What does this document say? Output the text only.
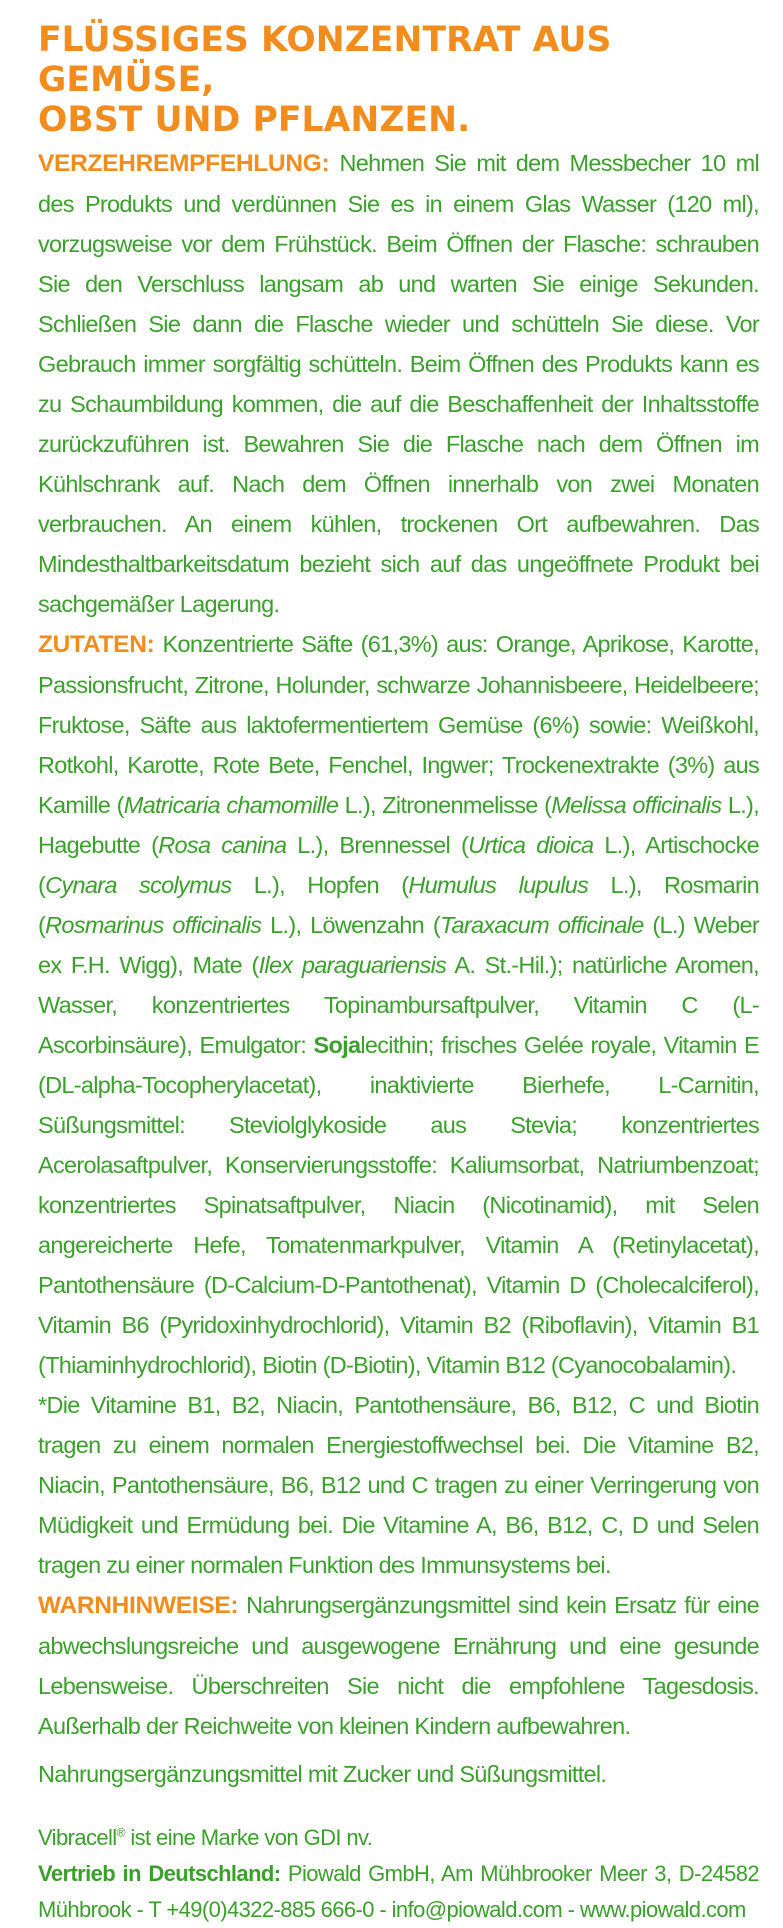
FLÜSSIGES KONZENTRAT AUS GEMÜSE,
OBST UND PFLANZEN.

VERZEHREMPFEHLUNG: Nehmen Sie mit dem Messbecher 10 ml des Produkts und verdünnen Sie es in einem Glas Wasser (120 ml), vorzugsweise vor dem Frühstück. Beim Öffnen der Flasche: schrauben Sie den Verschluss langsam ab und warten Sie einige Sekunden. Schließen Sie dann die Flasche wieder und schütteln Sie diese. Vor Gebrauch immer sorgfältig schütteln. Beim Öffnen des Produkts kann es zu Schaumbildung kommen, die auf die Beschaffenheit der Inhaltsstoffe zurückzuführen ist. Bewahren Sie die Flasche nach dem Öffnen im Kühlschrank auf. Nach dem Öffnen innerhalb von zwei Monaten verbrauchen. An einem kühlen, trockenen Ort aufbewahren. Das Mindesthaltbarkeitsdatum bezieht sich auf das ungeöffnete Produkt bei sachgemäßer Lagerung.

ZUTATEN: Konzentrierte Säfte (61,3%) aus: Orange, Aprikose, Karotte, Passionsfrucht, Zitrone, Holunder, schwarze Johannisbeere, Heidelbeere; Fruktose, Säfte aus laktofermentiertem Gemüse (6%) sowie: Weißkohl, Rotkohl, Karotte, Rote Bete, Fenchel, Ingwer; Trockenextrakte (3%) aus Kamille (Matricaria chamomille L.), Zitronenmelisse (Melissa officinalis L.), Hagebutte (Rosa canina L.), Brennessel (Urtica dioica L.), Artischocke (Cynara scolymus L.), Hopfen (Humulus lupulus L.), Rosmarin (Rosmarinus officinalis L.), Löwenzahn (Taraxacum officinale (L.) Weber ex F.H. Wigg), Mate (Ilex paraguariensis A. St.-Hil.); natürliche Aromen, Wasser, konzentriertes Topinambursaftpulver, Vitamin C (L-Ascorbinsäure), Emulgator: Sojalecithin; frisches Gelée royale, Vitamin E (DL-alpha-Tocopherylacetat), inaktivierte Bierhefe, L-Carnitin, Süßungsmittel: Steviolglykoside aus Stevia; konzentriertes Acerolasaftpulver, Konservierungsstoffe: Kaliumsorbat, Natriumbenzoat; konzentriertes Spinatsaftpulver, Niacin (Nicotinamid), mit Selen angereicherte Hefe, Tomatenmarkpulver, Vitamin A (Retinylacetat), Pantothensäure (D-Calcium-D-Pantothenat), Vitamin D (Cholecalciferol), Vitamin B6 (Pyridoxinhydrochlorid), Vitamin B2 (Riboflavin), Vitamin B1 (Thiaminhydrochlorid), Biotin (D-Biotin), Vitamin B12 (Cyanocobalamin).

*Die Vitamine B1, B2, Niacin, Pantothensäure, B6, B12, C und Biotin tragen zu einem normalen Energiestoffwechsel bei. Die Vitamine B2, Niacin, Pantothensäure, B6, B12 und C tragen zu einer Verringerung von Müdigkeit und Ermüdung bei. Die Vitamine A, B6, B12, C, D und Selen tragen zu einer normalen Funktion des Immunsystems bei.

WARNHINWEISE: Nahrungsergänzungsmittel sind kein Ersatz für eine abwechslungsreiche und ausgewogene Ernährung und eine gesunde Lebensweise. Überschreiten Sie nicht die empfohlene Tagesdosis. Außerhalb der Reichweite von kleinen Kindern aufbewahren.

Nahrungsergänzungsmittel mit Zucker und Süßungsmittel.

Vibracell® ist eine Marke von GDI nv.

Vertrieb in Deutschland: Piowald GmbH, Am Mühbrooker Meer 3, D-24582 Mühbrook - T +49(0)4322-885 666-0 - info@piowald.com - www.piowald.com
